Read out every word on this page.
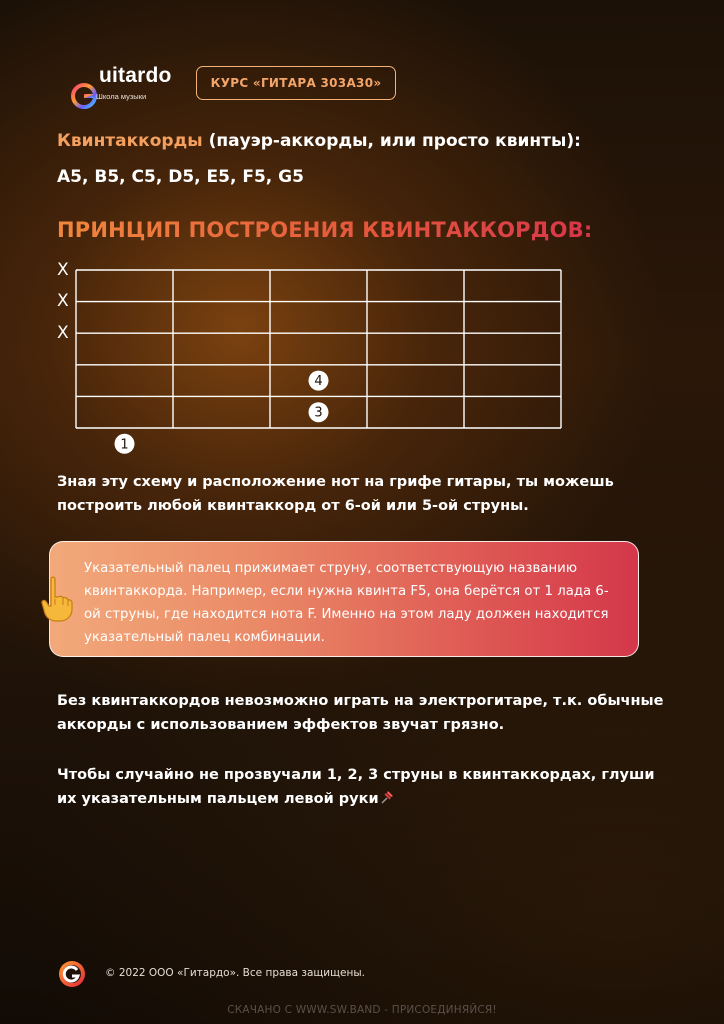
uitardo
Школа музыки
КУРС «ГИТАРА 303А30»
Квинтаккорды (пауэр-аккорды, или просто квинты):
A5, B5, C5, D5, E5, F5, G5
ПРИНЦИП ПОСТРОЕНИЯ КВИНТАККОРДОВ:
X
X
X
4
3
1
Зная эту схему и расположение нот на грифе гитары, ты можешь построить любой квинтаккорд от 6-ой или 5-ой струны.
Указательный палец прижимает струну, соответствующую названию квинтаккорда. Например, если нужна квинта F5, она берётся от 1 лада 6-ой струны, где находится нота F. Именно на этом ладу должен находится указательный палец комбинации.
Без квинтаккордов невозможно играть на электрогитаре, т.к. обычные аккорды с использованием эффектов звучат грязно.
Чтобы случайно не прозвучали 1, 2, 3 струны в квинтаккордах, глуши их указательным пальцем левой руки
© 2022 ООО «Гитардо». Все права защищены.
СКАЧАНО С WWW.SW.BAND - ПРИСОЕДИНЯЙСЯ!
